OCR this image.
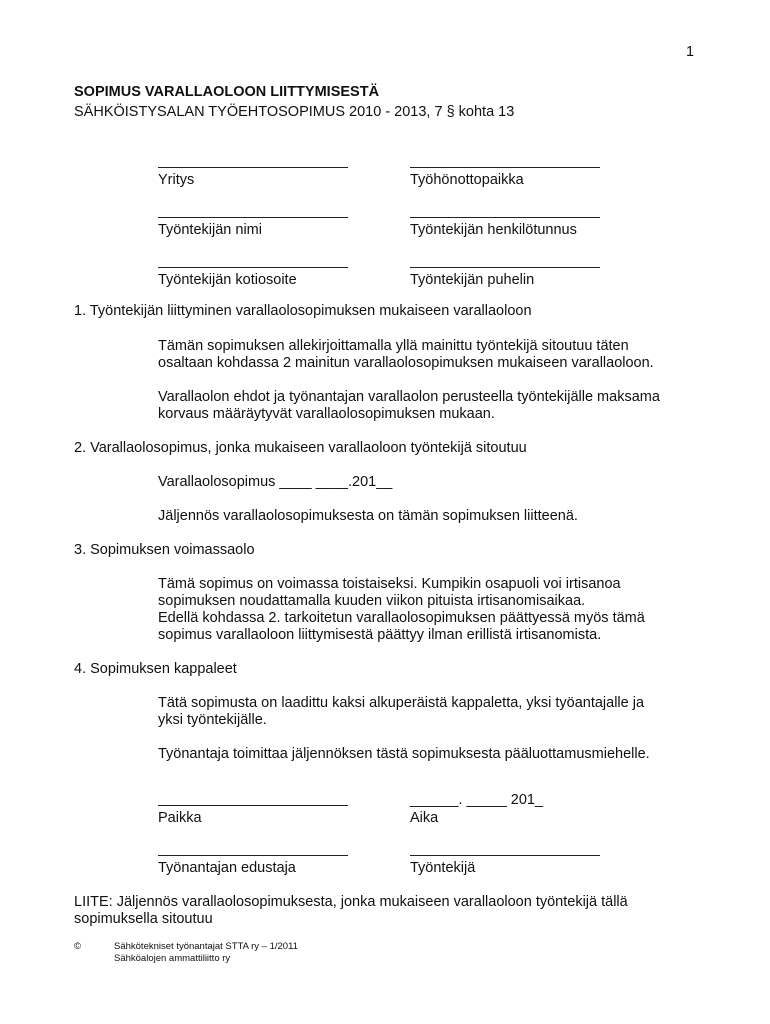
1
SOPIMUS VARALLAOLOON LIITTYMISESTÄ
SÄHKÖISTYSALAN TYÖEHTOSOPIMUS 2010 - 2013, 7 § kohta 13
Yritys	Työhönottopaikka
Työntekijän nimi	Työntekijän henkilötunnus
Työntekijän kotiosoite	Työntekijän puhelin
1. Työntekijän liittyminen varallaolosopimuksen mukaiseen varallaoloon
Tämän sopimuksen allekirjoittamalla yllä mainittu työntekijä sitoutuu täten
osaltaan kohdassa 2 mainitun varallaolosopimuksen mukaiseen varallaoloon.
Varallaolon ehdot ja työnantajan varallaolon perusteella työntekijälle maksama
korvaus määräytyvät varallaolosopimuksen mukaan.
2. Varallaolosopimus, jonka mukaiseen varallaoloon työntekijä sitoutuu
Varallaolosopimus ____ ____.201__
Jäljennös varallaolosopimuksesta on tämän sopimuksen liitteenä.
3. Sopimuksen voimassaolo
Tämä sopimus on voimassa toistaiseksi. Kumpikin osapuoli voi irtisanoa
sopimuksen noudattamalla kuuden viikon pituista irtisanomisaikaa.
Edellä kohdassa 2. tarkoitetun varallaolosopimuksen päättyessä myös tämä
sopimus varallaoloon liittymisestä päättyy ilman erillistä irtisanomista.
4. Sopimuksen kappaleet
Tätä sopimusta on laadittu kaksi alkuperäistä kappaletta, yksi työantajalle ja
yksi työntekijälle.
Työnantaja toimittaa jäljennöksen tästä sopimuksesta pääluottamusmiehelle.
______. _____ 201_
Paikka	Aika
Työnantajan edustaja	Työntekijä
LIITE: Jäljennös varallaolosopimuksesta, jonka mukaiseen varallaoloon työntekijä tällä
sopimuksella sitoutuu
©	Sähkötekniset työnantajat STTA ry – 1/2011
Sähköalojen ammattiliitto ry
